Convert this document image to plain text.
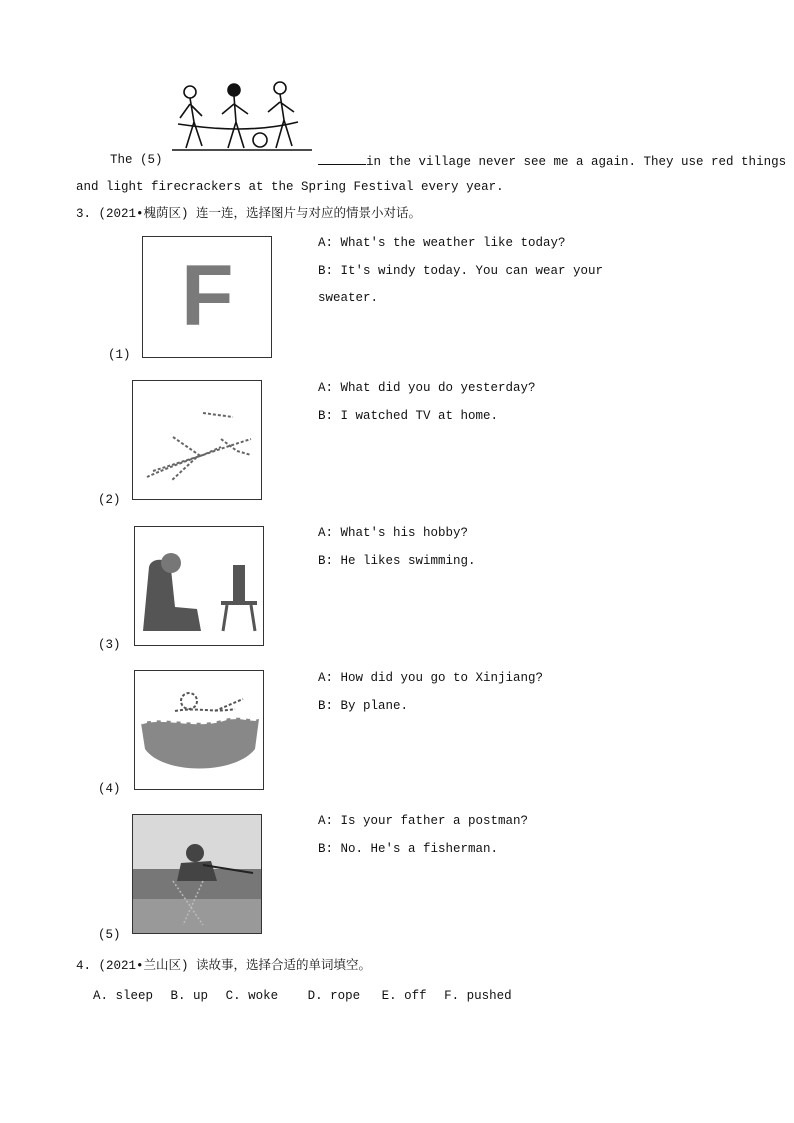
The (5)	in the village never see me a again. They use red things
and light firecrackers at the Spring Festival every year.
3. (2021•槐荫区) 连一连，选择图片与对应的情景小对话。
F
(1)
A: What's the weather like today?
B: It's windy today. You can wear your
sweater.
(2)
A: What did you do yesterday?
B: I watched TV at home.
(3)
A: What's his hobby?
B: He likes swimming.
(4)
A: How did you go to Xinjiang?
B: By plane.
(5)
A: Is your father a postman?
B: No. He's a fisherman.
4. (2021•兰山区) 读故事，选择合适的单词填空。
A. sleep B. up C. woke D. rope E. off F. pushed
